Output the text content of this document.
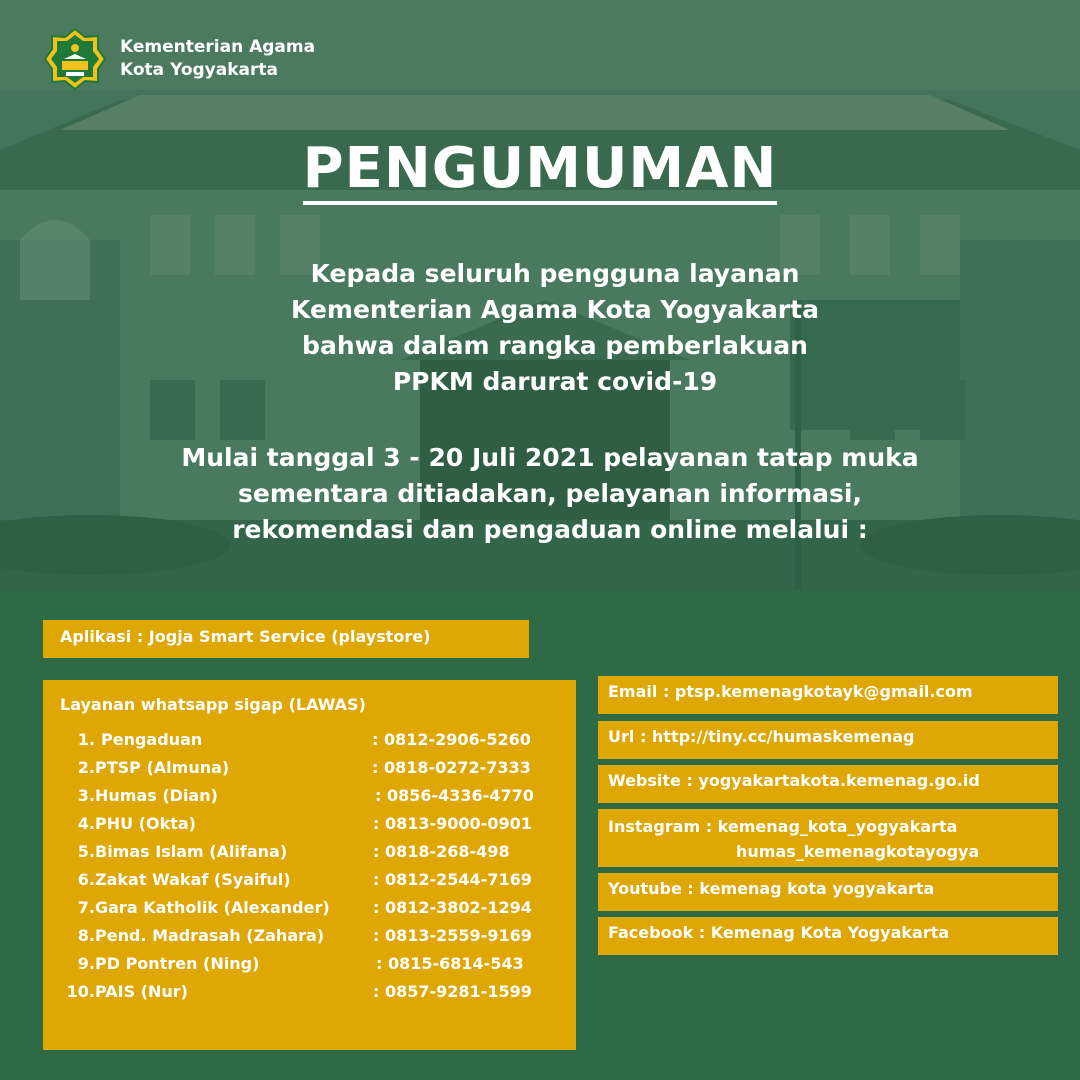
Kementerian Agama
Kota Yogyakarta
PENGUMUMAN
Kepada seluruh pengguna layanan
Kementerian Agama Kota Yogyakarta
bahwa dalam rangka pemberlakuan
PPKM darurat covid-19
Mulai tanggal 3 - 20 Juli 2021 pelayanan tatap muka
sementara ditiadakan, pelayanan informasi,
rekomendasi dan pengaduan online melalui :
Aplikasi : Jogja Smart Service (playstore)
Layanan whatsapp sigap (LAWAS)
1. Pengaduan	: 0812-2906-5260
2. PTSP (Almuna)	: 0818-0272-7333
3. Humas (Dian)	: 0856-4336-4770
4. PHU (Okta)	: 0813-9000-0901
5. Bimas Islam (Alifana)	: 0818-268-498
6. Zakat Wakaf (Syaiful)	: 0812-2544-7169
7. Gara Katholik (Alexander)	: 0812-3802-1294
8. Pend. Madrasah (Zahara)	: 0813-2559-9169
9. PD Pontren (Ning)	: 0815-6814-543
10. PAIS (Nur)	: 0857-9281-1599
Email : ptsp.kemenagkotayk@gmail.com
Url : http://tiny.cc/humaskemenag
Website : yogyakartakota.kemenag.go.id
Instagram : kemenag_kota_yogyakarta
humas_kemenagkotayogya
Youtube : kemenag kota yogyakarta
Facebook : Kemenag Kota Yogyakarta
